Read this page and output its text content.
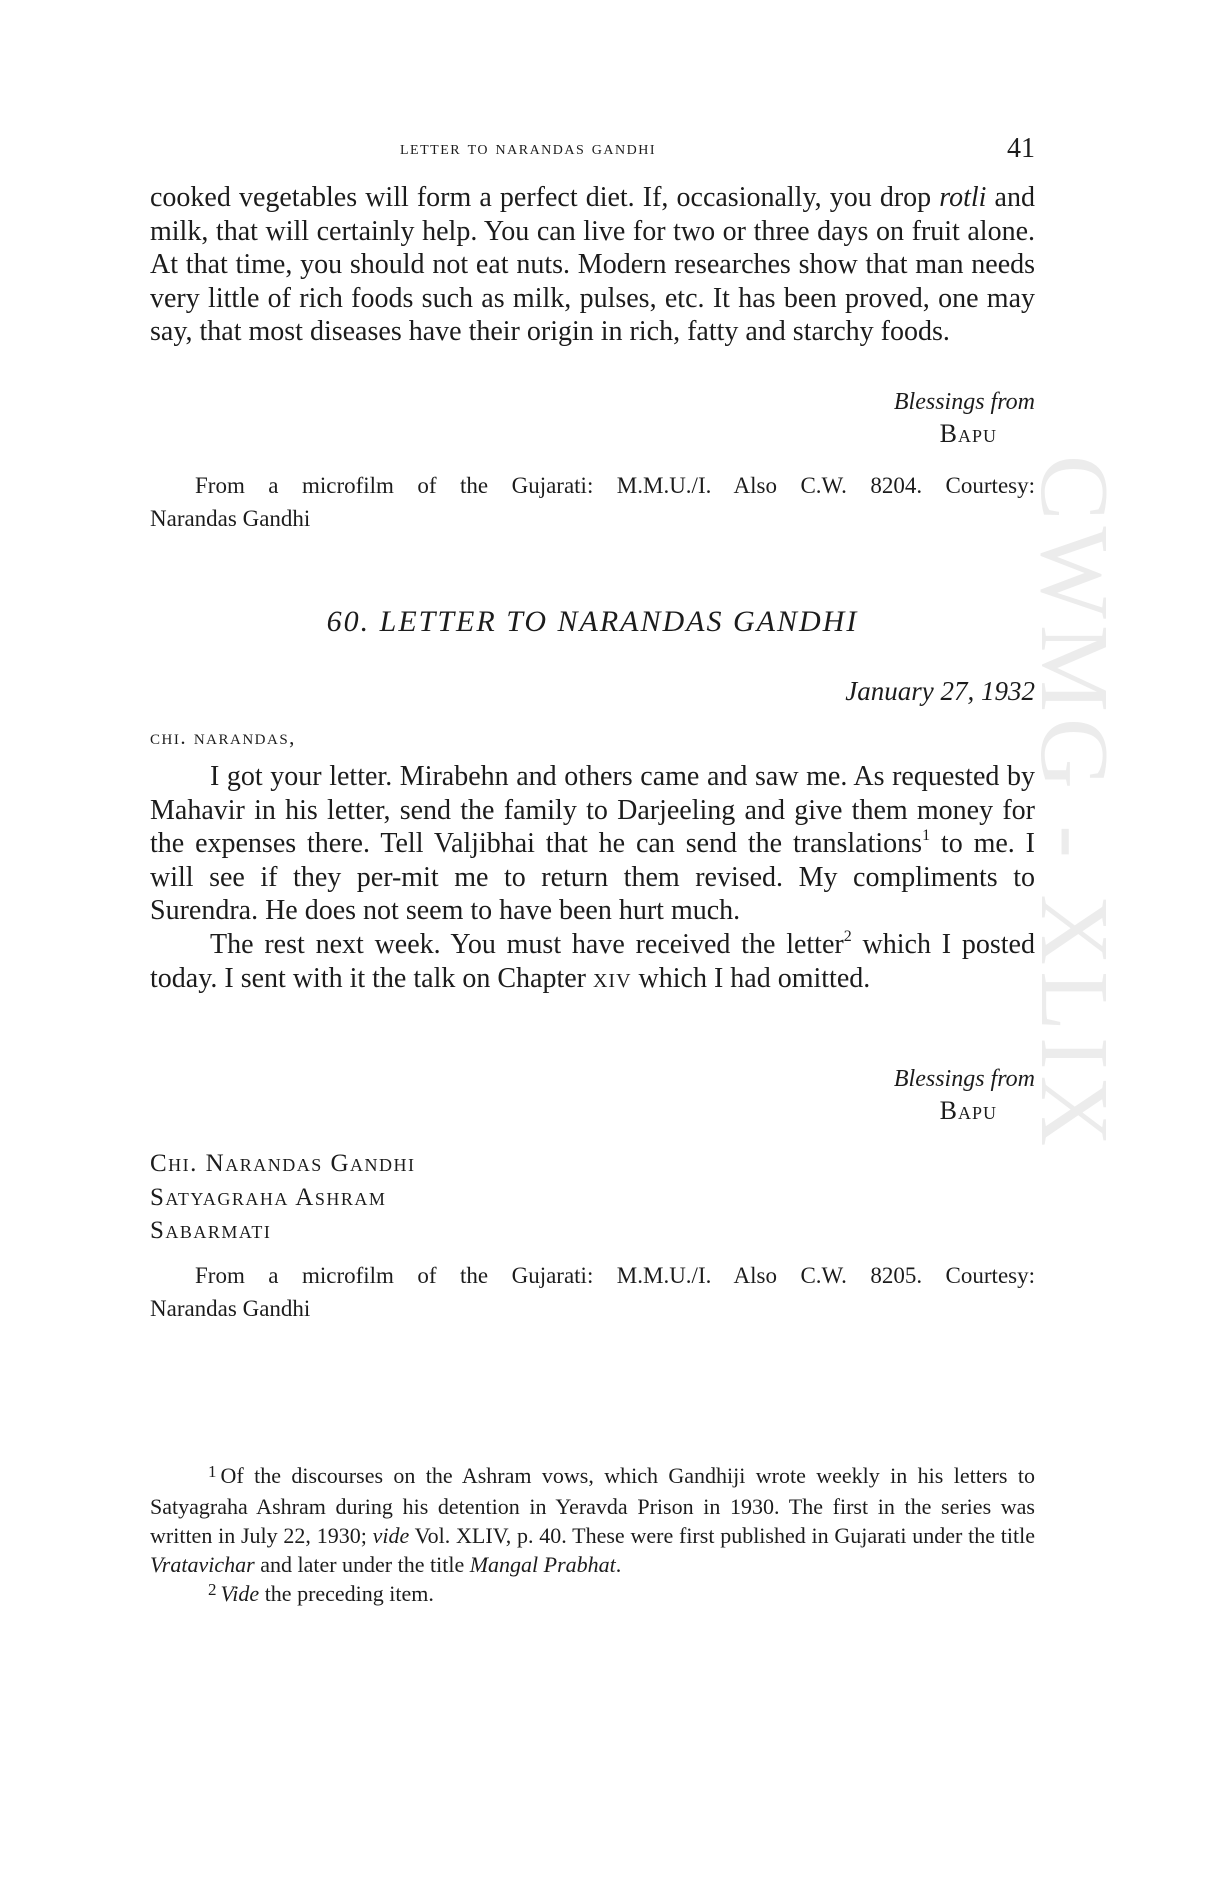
letter to narandas gandhi	41

cooked vegetables will form a perfect diet. If, occasionally, you drop rotli and milk, that will certainly help. You can live for two or three days on fruit alone. At that time, you should not eat nuts. Modern researches show that man needs very little of rich foods such as milk, pulses, etc. It has been proved, one may say, that most diseases have their origin in rich, fatty and starchy foods.

Blessings from
Bapu
From a microfilm of the Gujarati: M.M.U./I. Also C.W. 8204. Courtesy:
Narandas Gandhi
60. LETTER TO NARANDAS GANDHI
January 27, 1932
chi. narandas,

I got your letter. Mirabehn and others came and saw me. As requested by Mahavir in his letter, send the family to Darjeeling and give them money for the expenses there. Tell Valjibhai that he can send the translations$^1$ to me. I will see if they per-mit me to return them revised. My compliments to Surendra. He does not seem to have been hurt much.

The rest next week. You must have received the letter$^2$ which I posted today. I sent with it the talk on Chapter xiv which I had omitted.

Blessings from
Bapu
Chi. Narandas Gandhi
Satyagraha Ashram
Sabarmati
From a microfilm of the Gujarati: M.M.U./I. Also C.W. 8205. Courtesy:
Narandas Gandhi

$^1$ Of the discourses on the Ashram vows, which Gandhiji wrote weekly in his letters to Satyagraha Ashram during his detention in Yeravda Prison in 1930. The first in the series was written in July 22, 1930; vide Vol. XLIV, p. 40. These were first published in Gujarati under the title Vratavichar and later under the title Mangal Prabhat.

$^2$ Vide the preceding item.

CWMG - XLIX
